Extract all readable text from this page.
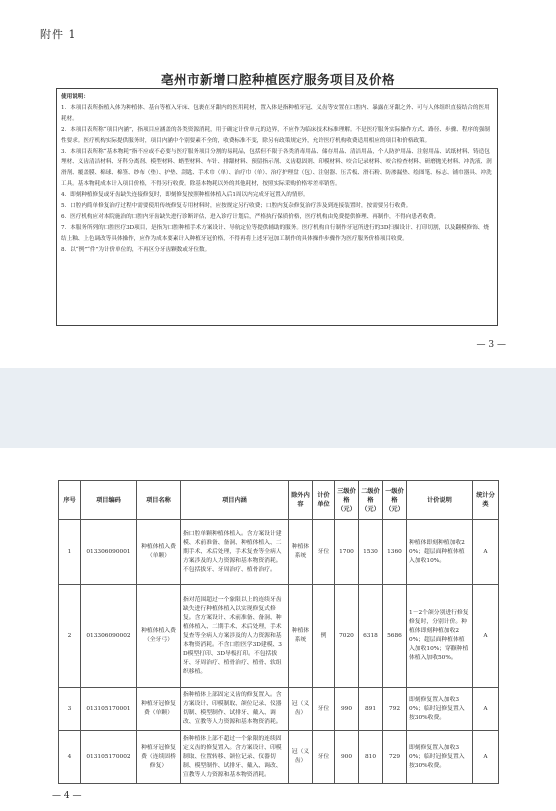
附件 1
亳州市新增口腔种植医疗服务项目及价格

使用说明：

1．本项目表所指植入体为种植体、基台等植入牙床、包裹在牙龈内的医用耗材，置入体是指种植牙冠、义齿等安置在口腔内、暴露在牙龈之外、可与人体组织直接结合的医用耗材。

2．本项目表所称“项目内涵”，指项目应涵盖的各类资源消耗，用于确定计价单元的边界，不应作为临床技术标准理解。不是医疗服务实际操作方式、路径、步骤、程序的强制性要求。医疗机构实际提供服务时，项目内涵中个别要素不全的，收费标准不变，除另有政策规定外，允许医疗机构收费适用相应的项目和价格政策。

3．本项目表所称“基本物耗”指不应或不必要与医疗服务项目分割的易耗品，包括但不限于各类消毒用品、储存用品、清洁用品，个人防护用品、注射用品、试纸材料、铸造包埋材、义齿清洁材料、牙科分离剂、模型材料、蜡型材料、车针、排龈材料、预留指示剂、义齿稳固剂、印模材料、咬合记录材料、咬合检查材料、研磨抛光材料、冲洗液、润滑剂、覆盖膜、棉球、棉签、纱布（垫）、护垫、刮匙、手术巾（单）、治疗巾（单）、治疗护理盘（包）、注射器、压舌板、滑石粉、防渗漏垫、绘图笔、标志、铺巾器具、冲洗工具。基本物耗成本计入项目价格，不得另行收费。除基本物耗以外的其他耗材，按照实际采购价格零差率销售。

4．即刻种植修复或牙齿缺失连接修复时，即刻修复按照种植体植入后1周以内完成牙冠置入的情形。

5．口腔内简单修复治疗过程中需要使用传统修复专用材料时，应按规定另行收费；口腔内复杂修复治疗涉及到连接装置时，按需要另行收费。

6．医疗机构应对本院施治的口腔内牙齿缺失进行诊断评估，进入诊疗计划后，严格执行保质价格，医疗机构由免费提供修理、再制作，不得向患者收费。

7．本服务所列的口腔医疗3D项目，是指为口腔种植手术方案设计、导航定位等提供辅助的服务。医疗机构自行制作牙冠所进行的3D扫描设计、打印切割，以及翻模修饰、烧结上釉、上色调改等具体操作，应作为成本要素计入种植牙冠价格，不得再将上述牙冠加工制作的具体操作步骤作为医疗服务价格项目收费。

8．以“例”“件”为计价单位的，不再区分牙齿颗数或牙位数。

— 3 —
序号	项目编码	项目名称	项目内涵	除外内容	计价单位	三级价格（元）	二级价格（元）	一级价格（元）	计价说明	统计分类
1	013306090001	种植体植入费（单颗）	指口腔单颗种植体植入。含方案设计建模、术前准备、备洞、种植体植入、二期手术、术后处理，手术复查等全病人方案涉及的人力资源和基本物资消耗。不包括拔牙、牙周治疗、植骨治疗。	种植体系统	牙位	1700	1530	1360	种植体即刻种植加收20%；超层面种植体植入加收10%。	A
2	013306090002	种植体植入费（全牙弓）	指对范围超过一个象限以上的连续牙齿缺失进行种植体植入以实现修复式修复。含方案设计、术前准备、备洞、种植体植入、二期手术、术后处理，手术复查等全病人方案涉及的人力资源和基本物资消耗。不含口腔医学3D建模、3D模型打印、3D导板打印。不包括拔牙、牙周治疗、植骨治疗、植骨、软组织移植。	种植体系统	例	7020	6318	5686	1－2个颌分别进行修复修复时，分别计价。种植体即刻种植加收20%；超层面种植体植入加收10%；穿颧种植体植入加收50%。	A
3	013105170001	种植牙冠修复费（单颗）	指种植体上部固定义齿的修复置入。含方案设计、印模制取、颌位记录、仪器切制、模型制作、试排牙、戴入、调改、宣教等人力资源和基本物资消耗。	冠（义齿）	牙位	990	891	792	即刻修复置入加收30%；临时冠修复置入按30%收费。	A
4	013105170002	种植牙冠修复费（连续固桥修复）	指种植体上部不超过一个象限的连续固定义齿的修复置入。含方案设计、印模制取、位置转移、颌位记录、仪器切制、模型制作、试排牙、戴入、调改、宣教等人力资源和基本物资消耗。	冠（义齿）	牙位	900	810	729	即刻修复置入加收30%；临时冠修复置入按30%收费。	A
— 4 —
